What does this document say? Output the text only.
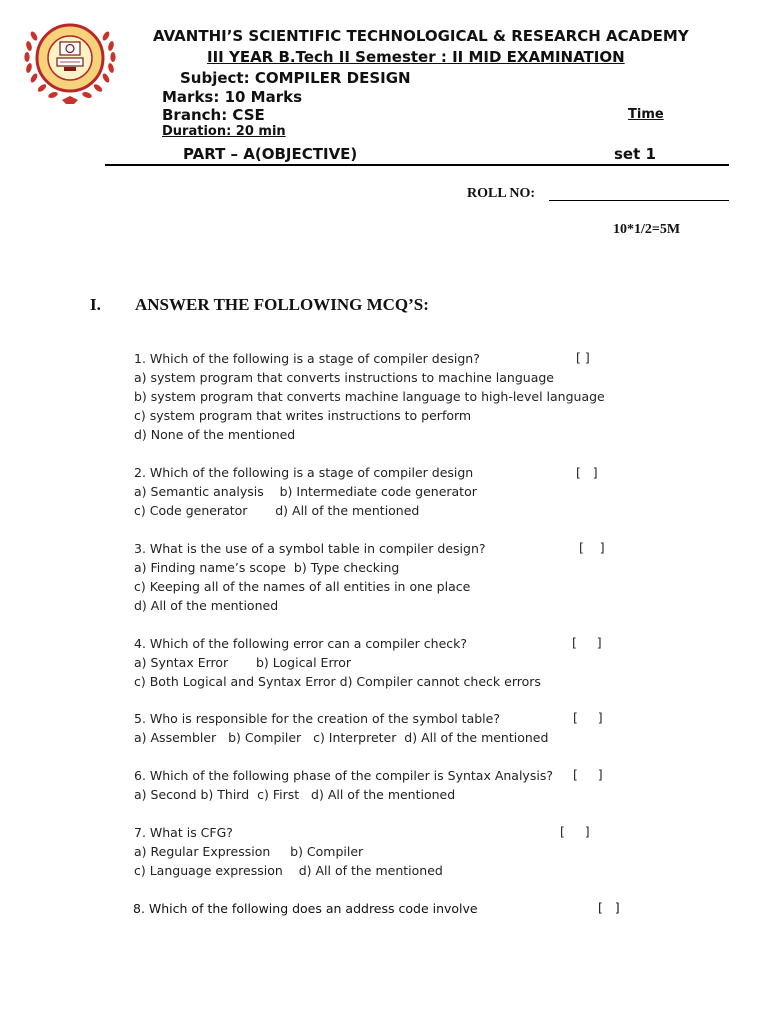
AVANTHI’S SCIENTIFIC TECHNOLOGICAL & RESEARCH ACADEMY
III YEAR B.Tech II Semester : II MID EXAMINATION
Subject: COMPILER DESIGN
Marks: 10 Marks
Branch: CSE	Time
Duration: 20 min
PART – A(OBJECTIVE)	set 1
ROLL NO:
10*1/2=5M
I. ANSWER THE FOLLOWING MCQ’S:
1. Which of the following is a stage of compiler design?
a) system program that converts instructions to machine language
b) system program that converts machine language to high-level language
c) system program that writes instructions to perform
d) None of the mentioned
[ ]
2. Which of the following is a stage of compiler design
a) Semantic analysis    b) Intermediate code generator
c) Code generator       d) All of the mentioned
[   ]
3. What is the use of a symbol table in compiler design?
a) Finding name’s scope  b) Type checking
c) Keeping all of the names of all entities in one place
d) All of the mentioned
[    ]
4. Which of the following error can a compiler check?
a) Syntax Error       b) Logical Error
c) Both Logical and Syntax Error d) Compiler cannot check errors
[     ]
5. Who is responsible for the creation of the symbol table?
a) Assembler   b) Compiler   c) Interpreter  d) All of the mentioned
[     ]
6. Which of the following phase of the compiler is Syntax Analysis?
a) Second b) Third  c) First   d) All of the mentioned
[     ]
7. What is CFG?
a) Regular Expression     b) Compiler
c) Language expression    d) All of the mentioned
[     ]
8. Which of the following does an address code involve	[   ]
